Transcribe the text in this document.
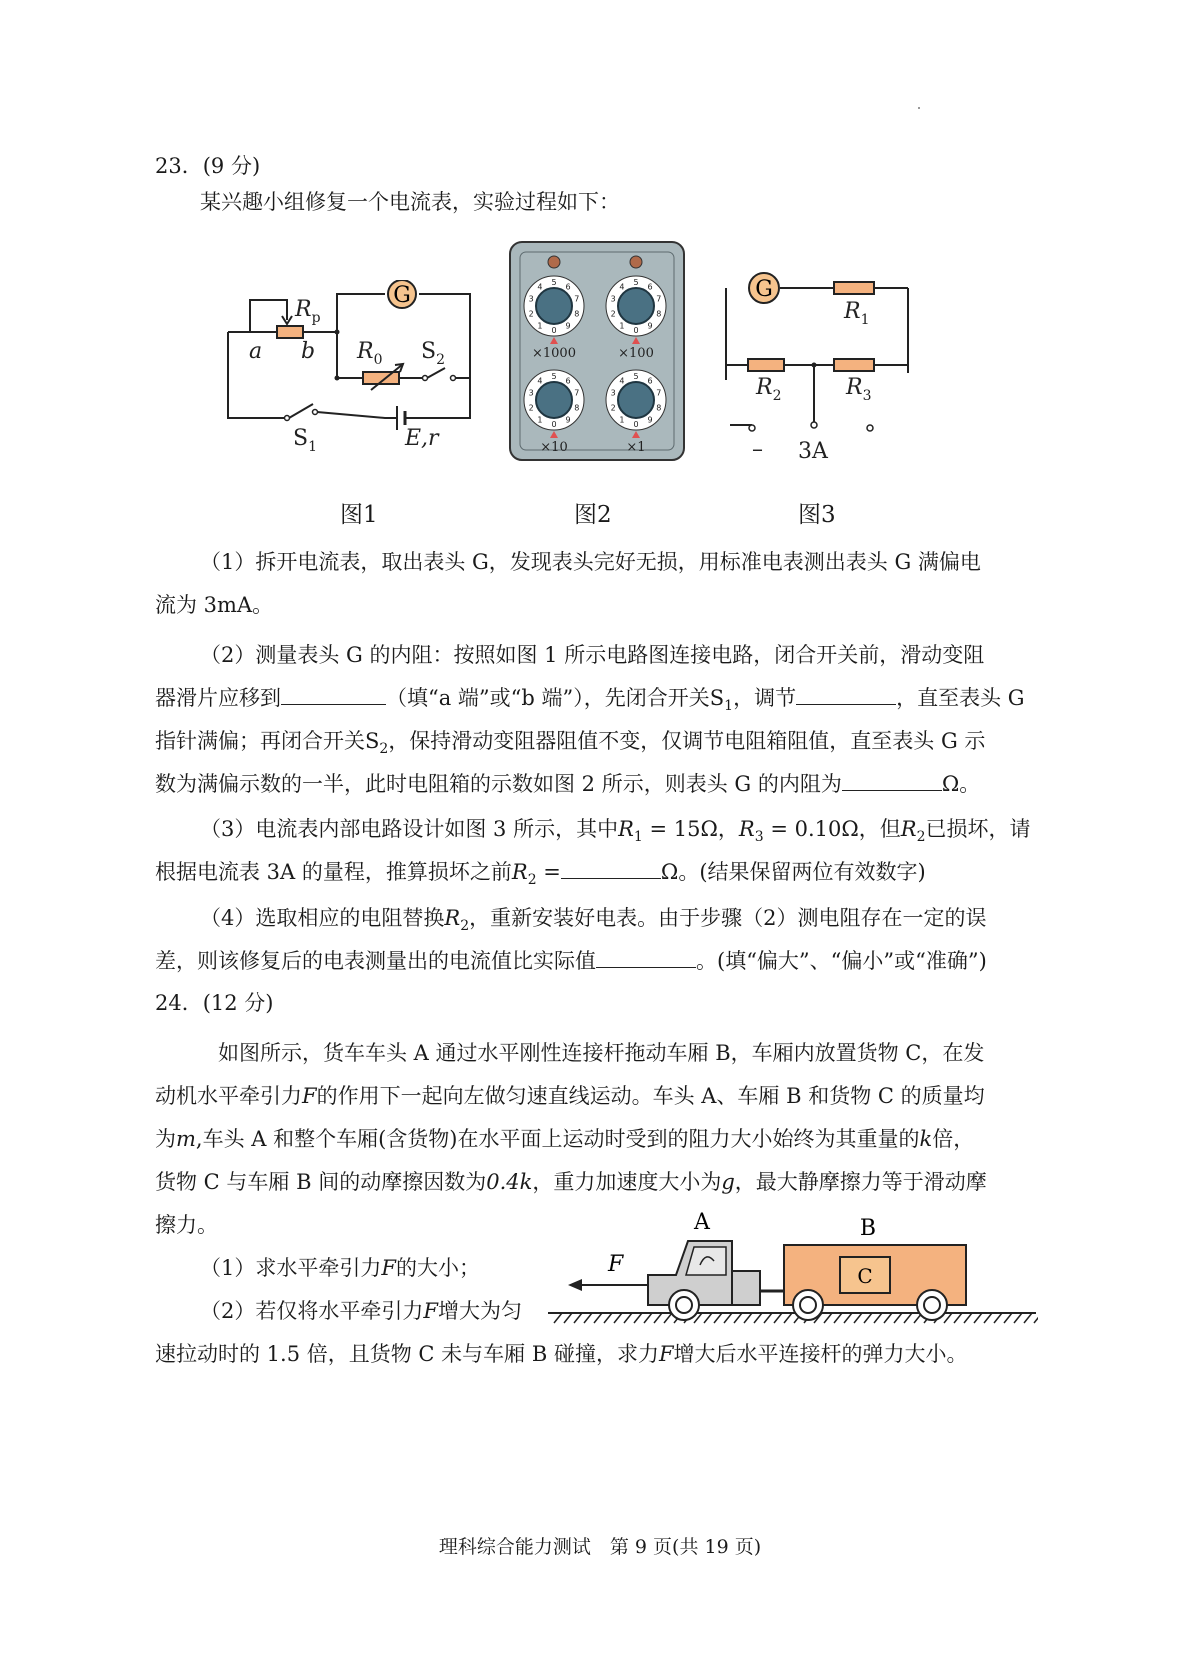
23．(9 分)
某兴趣小组修复一个电流表，实验过程如下：
G
$R_p$
a b $R_0$ $S_2$
$S_1$	E,r
图1
0
1
2
3
4
5
6
7
8
9
0
1
2
3
4
5
6
7
8
9
0
1
2
3
4
5
6
7
8
9
0
1
2
3
4
5
6
7
8
9
×1000	×100
×10	×1
图2
G
$R_1$
$R_2$	$R_3$
– 3A
图3
（1）拆开电流表，取出表头 G，发现表头完好无损，用标准电表测出表头 G 满偏电
流为 3mA。
（2）测量表头 G 的内阻：按照如图 1 所示电路图连接电路，闭合开关前，滑动变阻
器滑片应移到	（填“a 端”或“b 端”），先闭合开关$S_1$，调节	，直至表头 G
指针满偏；再闭合开关$S_2$，保持滑动变阻器阻值不变，仅调节电阻箱阻值，直至表头 G 示
数为满偏示数的一半，此时电阻箱的示数如图 2 所示，则表头 G 的内阻为	Ω。
（3）电流表内部电路设计如图 3 所示，其中$R_1 = 15\Omega$，$R_3 = 0.10\Omega$，但$R_2$已损坏，请
根据电流表 3A 的量程，推算损坏之前$R_2$ =	Ω。(结果保留两位有效数字)
（4）选取相应的电阻替换$R_2$，重新安装好电表。由于步骤（2）测电阻存在一定的误
差，则该修复后的电表测量出的电流值比实际值	。(填“偏大”、“偏小”或“准确”)
24．(12 分)
如图所示，货车车头 A 通过水平刚性连接杆拖动车厢 B，车厢内放置货物 C，在发
动机水平牵引力F的作用下一起向左做匀速直线运动。车头 A、车厢 B 和货物 C 的质量均
为m,车头 A 和整个车厢(含货物)在水平面上运动时受到的阻力大小始终为其重量的k倍，
货物 C 与车厢 B 间的动摩擦因数为0.4k，重力加速度大小为g，最大静摩擦力等于滑动摩
擦力。
（1）求水平牵引力F的大小；
（2）若仅将水平牵引力F增大为匀
速拉动时的 1.5 倍，且货物 C 未与车厢 B 碰撞，求力F增大后水平连接杆的弹力大小。
F
A
C
B
理科综合能力测试　第 9 页(共 19 页)
